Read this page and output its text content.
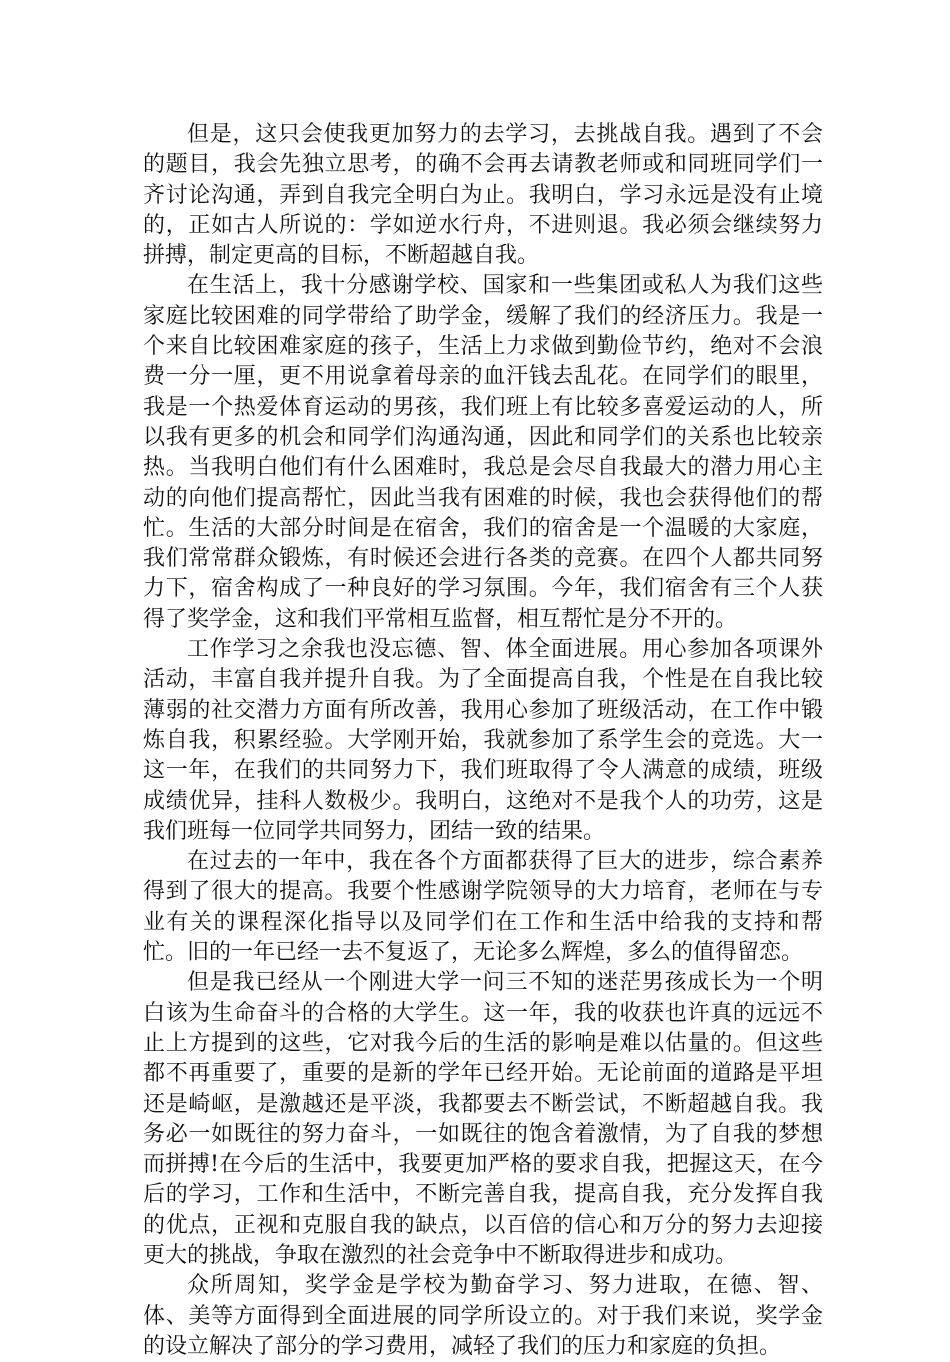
但是，这只会使我更加努力的去学习，去挑战自我。遇到了不会的题目，我会先独立思考，的确不会再去请教老师或和同班同学们一齐讨论沟通，弄到自我完全明白为止。我明白，学习永远是没有止境的，正如古人所说的：学如逆水行舟，不进则退。我必须会继续努力拼搏，制定更高的目标，不断超越自我。

在生活上，我十分感谢学校、国家和一些集团或私人为我们这些家庭比较困难的同学带给了助学金，缓解了我们的经济压力。我是一个来自比较困难家庭的孩子，生活上力求做到勤俭节约，绝对不会浪费一分一厘，更不用说拿着母亲的血汗钱去乱花。在同学们的眼里，我是一个热爱体育运动的男孩，我们班上有比较多喜爱运动的人，所以我有更多的机会和同学们沟通沟通，因此和同学们的关系也比较亲热。当我明白他们有什么困难时，我总是会尽自我最大的潜力用心主动的向他们提高帮忙，因此当我有困难的时候，我也会获得他们的帮忙。生活的大部分时间是在宿舍，我们的宿舍是一个温暖的大家庭，我们常常群众锻炼，有时候还会进行各类的竞赛。在四个人都共同努力下，宿舍构成了一种良好的学习氛围。今年，我们宿舍有三个人获得了奖学金，这和我们平常相互监督，相互帮忙是分不开的。

工作学习之余我也没忘德、智、体全面进展。用心参加各项课外活动，丰富自我并提升自我。为了全面提高自我，个性是在自我比较薄弱的社交潜力方面有所改善，我用心参加了班级活动，在工作中锻炼自我，积累经验。大学刚开始，我就参加了系学生会的竞选。大一这一年，在我们的共同努力下，我们班取得了令人满意的成绩，班级成绩优异，挂科人数极少。我明白，这绝对不是我个人的功劳，这是我们班每一位同学共同努力，团结一致的结果。

在过去的一年中，我在各个方面都获得了巨大的进步，综合素养得到了很大的提高。我要个性感谢学院领导的大力培育，老师在与专业有关的课程深化指导以及同学们在工作和生活中给我的支持和帮忙。旧的一年已经一去不复返了，无论多么辉煌，多么的值得留恋。

但是我已经从一个刚进大学一问三不知的迷茫男孩成长为一个明白该为生命奋斗的合格的大学生。这一年，我的收获也许真的远远不止上方提到的这些，它对我今后的生活的影响是难以估量的。但这些都不再重要了，重要的是新的学年已经开始。无论前面的道路是平坦还是崎岖，是激越还是平淡，我都要去不断尝试，不断超越自我。我务必一如既往的努力奋斗，一如既往的饱含着激情，为了自我的梦想而拼搏!在今后的生活中，我要更加严格的要求自我，把握这天，在今后的学习，工作和生活中，不断完善自我，提高自我，充分发挥自我的优点，正视和克服自我的缺点，以百倍的信心和万分的努力去迎接更大的挑战，争取在激烈的社会竞争中不断取得进步和成功。

众所周知，奖学金是学校为勤奋学习、努力进取，在德、智、体、美等方面得到全面进展的同学所设立的。对于我们来说，奖学金的设立解决了部分的学习费用，减轻了我们的压力和家庭的负担。
